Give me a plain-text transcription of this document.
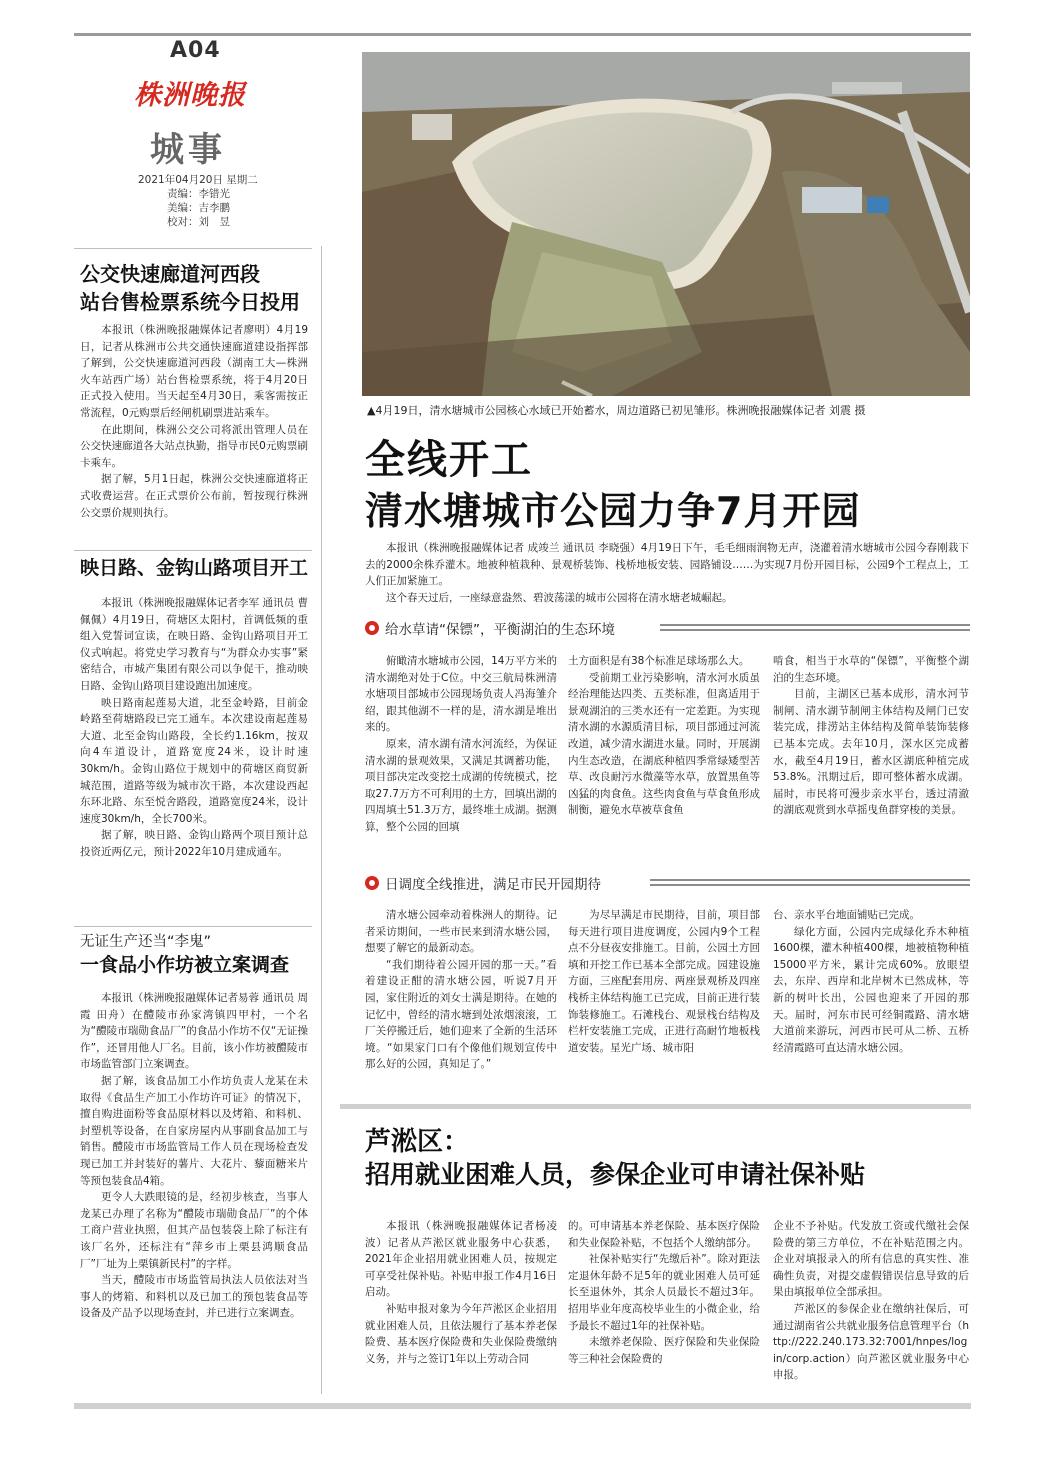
A04
株洲晚报
城事
2021年04月20日 星期二
责编：李错光
美编：吉李鹏
校对：刘　昱
公交快速廊道河西段
站台售检票系统今日投用

本报讯（株洲晚报融媒体记者廖明）4月19日，记者从株洲市公共交通快速廊道建设指挥部了解到，公交快速廊道河西段（湖南工大—株洲火车站西广场）站台售检票系统，将于4月20日正式投入使用。当天起至4月30日，乘客需按正常流程，0元购票后经闸机刷票进站乘车。

在此期间，株洲公交公司将派出管理人员在公交快速廊道各大站点执勤，指导市民0元购票刷卡乘车。

据了解，5月1日起，株洲公交快速廊道将正式收费运营。在正式票价公布前，暂按现行株洲公交票价规则执行。

映日路、金钩山路项目开工

本报讯（株洲晚报融媒体记者李军 通讯员 曹佩佩）4月19日，荷塘区太阳村，首调低频的重组入党誓词宣读，在映日路、金钩山路项目开工仪式响起。将党史学习教育与“为群众办实事”紧密结合，市城产集团有限公司以争促干，推动映日路、金钩山路项目建设跑出加速度。

映日路南起莲易大道，北至金岭路，目前金岭路至荷塘路段已完工通车。本次建设南起莲易大道、北至金钩山路段，全长约1.16km，按双向4车道设计，道路宽度24米，设计时速30km/h。金钩山路位于规划中的荷塘区商贸新城范围，道路等级为城市次干路，本次建设西起东环北路、东至悦舍路段，道路宽度24米，设计速度30km/h，全长700米。

据了解，映日路、金钩山路两个项目预计总投资近两亿元，预计2022年10月建成通车。

无证生产还当“李鬼”
一食品小作坊被立案调查

本报讯（株洲晚报融媒体记者易蓉 通讯员 周霞 田舟）在醴陵市孙家湾镇四甲村，一个名为“醴陵市瑞勋食品厂”的食品小作坊不仅“无证操作”，还冒用他人厂名。目前，该小作坊被醴陵市市场监管部门立案调查。

据了解，该食品加工小作坊负责人龙某在未取得《食品生产加工小作坊许可证》的情况下，擅自购进面粉等食品原材料以及烤箱、和料机、封塑机等设备，在自家房屋内从事副食品加工与销售。醴陵市市场监管局工作人员在现场检查发现已加工并封装好的薯片、大花片、藜面糖米片等预包装食品4箱。

更令人大跌眼镜的是，经初步核查，当事人龙某已办理了名称为“醴陵市瑞勋食品厂”的个体工商户营业执照，但其产品包装袋上除了标注有该厂名外，还标注有“萍乡市上栗县鸿顺食品厂”厂址为上栗镇新民村”的字样。

当天，醴陵市市场监管局执法人员依法对当事人的烤箱、和料机以及已加工的预包装食品等设备及产品予以现场查封，并已进行立案调查。

▲4月19日，清水塘城市公园核心水域已开始蓄水，周边道路已初见雏形。株洲晚报融媒体记者 刘震 摄
全线开工
清水塘城市公园力争7月开园

本报讯（株洲晚报融媒体记者 成竣兰 通讯员 李晓强）4月19日下午，毛毛细雨润物无声，浇灌着清水塘城市公园今春刚栽下去的2000余株乔灌木。地被种植栽种、景观桥装饰、栈桥地板安装、园路铺设……为实现7月份开园目标，公园9个工程点上，工人们正加紧施工。

这个春天过后，一座绿意盎然、碧波荡漾的城市公园将在清水塘老城崛起。

给水草请“保镖”，平衡湖泊的生态环境

俯瞰清水塘城市公园，14万平方米的清水湖绝对处于C位。中交三航局株洲清水塘项目部城市公园现场负责人冯海雏介绍，跟其他湖不一样的是，清水湖是堆出来的。

原来，清水湖有清水河流经，为保证清水湖的景观效果，又满足其调蓄功能，项目部决定改变挖土成湖的传统模式，挖取27.7万方不可利用的土方，回填出湖的四周填土51.3万方，最终堆土成湖。据测算，整个公园的回填

土方面积是有38个标准足球场那么大。

受前期工业污染影响，清水河水质虽经治理能达四类、五类标准，但离适用于景观湖泊的三类水还有一定差距。为实现清水湖的水源质清目标，项目部通过河流改道，减少清水湖进水量。同时，开展湖内生态改造，在湖底种植四季常绿矮型苦草、改良耐污水微藻等水草，放置黑鱼等凶猛的肉食鱼。这些肉食鱼与草食鱼形成制衡，避免水草被草食鱼

啃食，相当于水草的“保镖”，平衡整个湖泊的生态环境。

目前，主湖区已基本成形，清水河节制闸、清水湖节制闸主体结构及闸门已安装完成，排涝站主体结构及简单装饰装修已基本完成。去年10月，深水区完成蓄水，截至4月19日，蓄水区湖底种植完成53.8%。汛期过后，即可整体蓄水成湖。届时，市民将可漫步亲水平台，透过清澈的湖底观赏到水草摇曳鱼群穿梭的美景。

日调度全线推进，满足市民开园期待

清水塘公园牵动着株洲人的期待。记者采访期间，一些市民来到清水塘公园，想要了解它的最新动态。

“我们期待着公园开园的那一天。”看着建设正酣的清水塘公园，听说7月开园，家住附近的刘女士满是期待。在她的记忆中，曾经的清水塘到处浓烟滚滚，工厂关停搬迁后，她们迎来了全新的生活环境。“如果家门口有个像他们规划宣传中那么好的公园，真知足了。”

为尽早满足市民期待，目前，项目部每天进行项目进度调度，公园内9个工程点不分昼夜安排施工。目前，公园土方回填和开挖工作已基本全部完成。园建设施方面，三座配套用房、两座景观桥及四座栈桥主体结构施工已完成，目前正进行装饰装修施工。石滩栈台、观景栈台结构及栏杆安装施工完成，正进行高耐竹地板栈道安装。星光广场、城市阳

台、亲水平台地面铺贴已完成。

绿化方面，公园内完成绿化乔木种植1600棵，灌木种植400棵，地被植物种植15000平方米，累计完成60%。放眼望去，东岸、西岸和北岸树木已然成林，等新的树叶长出，公园也迎来了开园的那天。届时，河东市民可经铜霞路、清水塘大道前来游玩，河西市民可从二桥、五桥经清霞路可直达清水塘公园。

芦淞区：
招用就业困难人员，参保企业可申请社保补贴

本报讯（株洲晚报融媒体记者杨凌波）记者从芦淞区就业服务中心获悉，2021年企业招用就业困难人员，按规定可享受社保补贴。补贴申报工作4月16日启动。

补贴申报对象为今年芦淞区企业招用就业困难人员，且依法履行了基本养老保险费、基本医疗保险费和失业保险费缴纳义务，并与之签订1年以上劳动合同

的。可申请基本养老保险、基本医疗保险和失业保险补贴，不包括个人缴纳部分。

社保补贴实行“先缴后补”。除对距法定退休年龄不足5年的就业困难人员可延长至退休外，其余人员最长不超过3年。招用毕业年度高校毕业生的小微企业，给予最长不超过1年的社保补贴。

未缴养老保险、医疗保险和失业保险等三种社会保险费的

企业不予补贴。代发放工资或代缴社会保险费的第三方单位，不在补贴范围之内。企业对填报录入的所有信息的真实性、准确性负责，对提交虚假错误信息导致的后果由填报单位全部承担。

芦淞区的参保企业在缴纳社保后，可通过湖南省公共就业服务信息管理平台（http://222.240.173.32:7001/hnpes/login/corp.action）向芦淞区就业服务中心申报。
